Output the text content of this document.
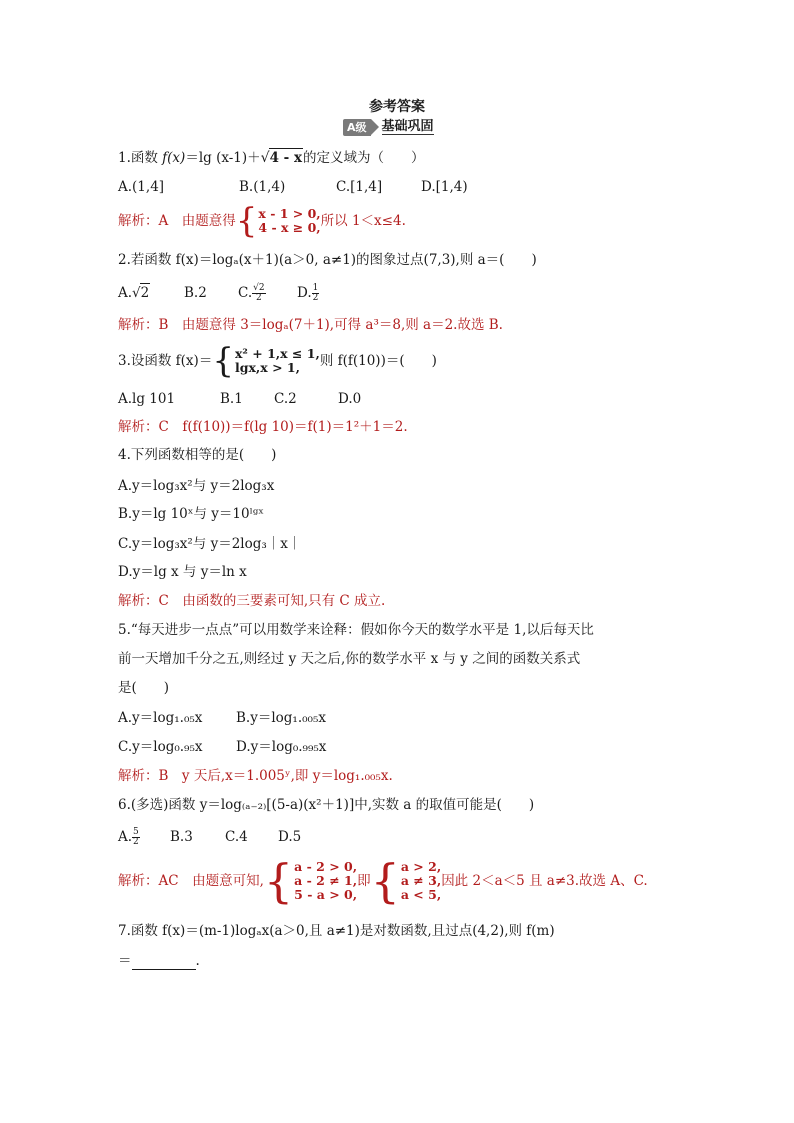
参考答案
A级	基础巩固
1.函数 f(x)＝lg (x-1)＋√4 - x的定义域为（　　）
A.(1,4]	B.(1,4)	C.[1,4]	D.[1,4)
解析：A　由题意得 { x - 1 > 0,
4 - x ≥ 0, 所以 1＜x≤4.
2.若函数 f(x)＝logₐ(x＋1)(a＞0, a≠1)的图象过点(7,3),则 a＝(　　)
A.√2	B.2 C. $\frac{√2}{2} D$. $\frac{1}{2}$
解析：B　由题意得 3＝logₐ(7＋1),可得 a³＝8,则 a＝2.故选 B.
3.设函数 f(x)＝ { x² + 1,x ≤ 1,
lgx,x > 1,	则 f(f(10))＝(　　)
A.lg 101	B.1 C.2	D.0
解析：C　f(f(10))＝f(lg 10)＝f(1)＝1²＋1＝2.
4.下列函数相等的是(　　)
A.y＝log₃x²与 y＝2log₃x
B.y＝lg 10ˣ与 y＝10ˡᵍˣ
C.y＝log₃x²与 y＝2log₃｜x｜
D.y＝lg x 与 y＝ln x
解析：C　由函数的三要素可知,只有 C 成立.
5.“每天进步一点点”可以用数学来诠释：假如你今天的数学水平是 1,以后每天比
前一天增加千分之五,则经过 y 天之后,你的数学水平 x 与 y 之间的函数关系式
是(　　)
A.y＝log₁.₀₅x B.y＝log₁.₀₀₅x
C.y＝log₀.₉₅x D.y＝log₀.₉₉₅x
解析：B　y 天后,x＝1.005ʸ,即 y＝log₁.₀₀₅x.
6.(多选)函数 y＝log₍ₐ₋₂₎[(5-a)(x²＋1)]中,实数 a 的取值可能是(　　)
A. $\frac{5}{2} B.3$ C.4 D.5
解析：AC　由题意可知, { a - 2 > 0,
a - 2 ≠ 1,
5 - a > 0,
即 { a > 2,
a ≠ 3,
a < 5,
因此 2＜a＜5 且 a≠3.故选 A、C.
7.函数 f(x)＝(m-1)logₐx(a＞0,且 a≠1)是对数函数,且过点(4,2),则 f(m)
＝	.
